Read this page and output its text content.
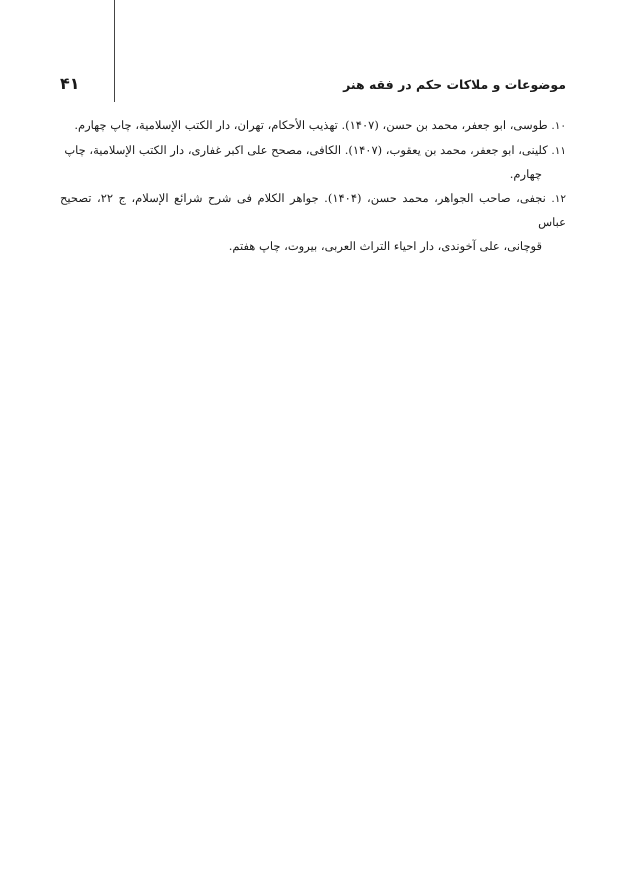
موضوعات و ملاکات حکم در فقه هنر
۴۱
۱۰. طوسی، ابو جعفر، محمد بن حسن، (۱۴۰۷). تهذیب الأحکام، تهران، دار الکتب الإسلامیة، چاپ چهارم.
۱۱. کلینی، ابو جعفر، محمد بن یعقوب، (۱۴۰۷). الکافی، مصحح علی اکبر غفاری، دار الکتب الإسلامیة، چاپ
چهارم.
۱۲. نجفی، صاحب الجواهر، محمد حسن، (۱۴۰۴). جواهر الکلام فی شرح شرائع الإسلام، ج ۲۲، تصحیح عباس
قوچانی، علی آخوندی، دار احیاء التراث العربی، بیروت، چاپ هفتم.
